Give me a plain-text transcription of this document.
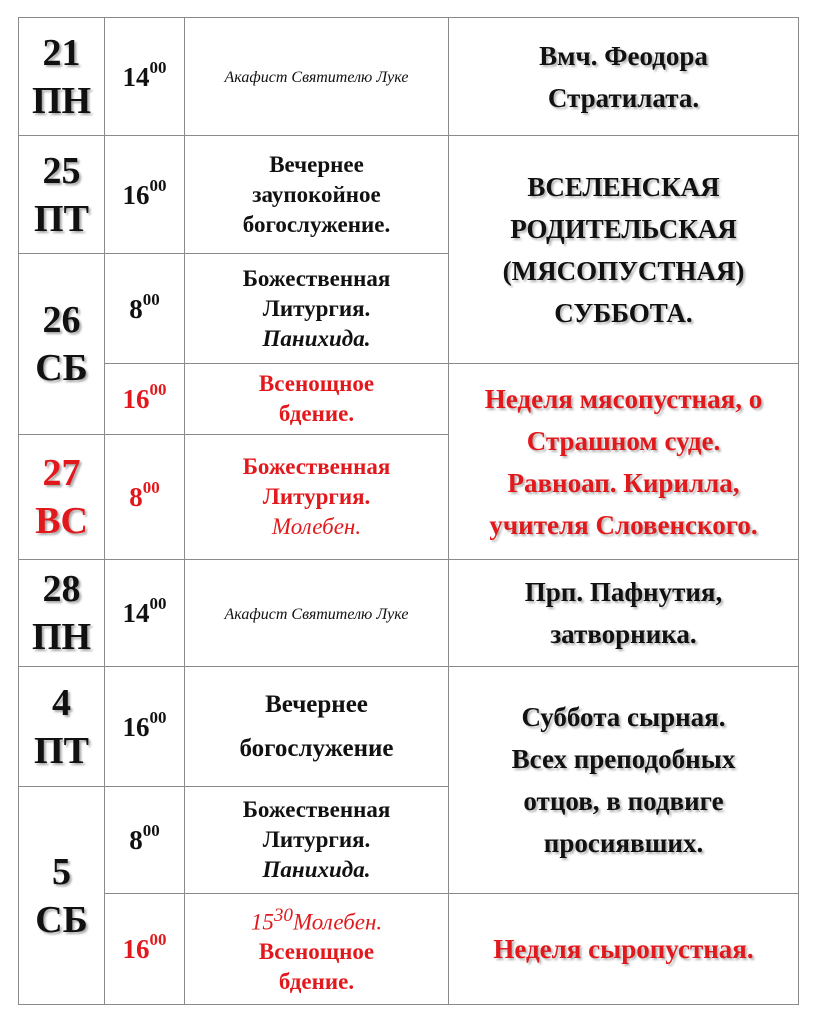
21
ПН	$14^{00}$	Акафист Святителю Луке	Вмч. Феодора
Стратилата.

25
ПТ	$16^{00}$	Вечернее
заупокойное
богослужение.	ВСЕЛЕНСКАЯ
РОДИТЕЛЬСКАЯ
(МЯСОПУСТНАЯ)
СУББОТА.

26
СБ	$8^{00}$	Божественная
Литургия.
Панихида.	

	$16^{00}$	Всенощное
бдение.	Неделя мясопустная, о
Страшном суде.
Равноап. Кирилла,
учителя Словенского.

27
ВС	$8^{00}$	Божественная
Литургия.
Молебен.	

28
ПН	$14^{00}$	Акафист Святителю Луке	Прп. Пафнутия,
затворника.

4
ПТ	$16^{00}$	Вечернее
богослужение	Суббота сырная.
Всех преподобных
отцов, в подвиге
просиявших.

5
СБ	$8^{00}$	Божественная
Литургия.
Панихида.	

	$16^{00}$	$15^{30}Молебен$.
Всенощное
бдение.	Неделя сыропустная.
